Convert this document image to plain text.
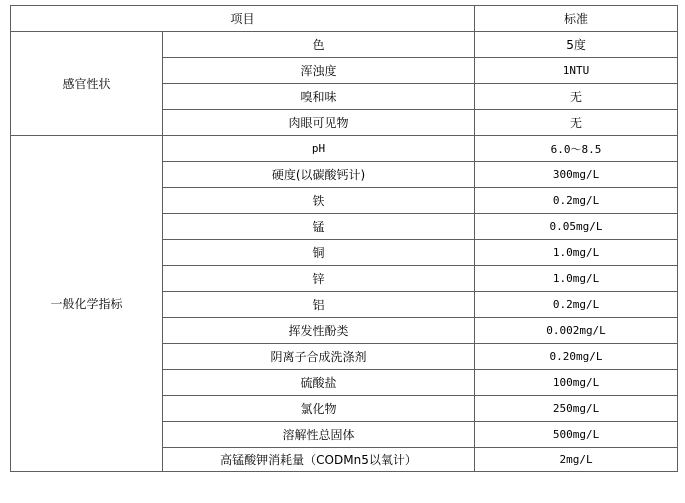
项目		标准
感官性状	色	5度
	浑浊度	1NTU
	嗅和味	无
	肉眼可见物	无
一般化学指标	pH	6.0～8.5
	硬度(以碳酸钙计)	300mg/L
	铁	0.2mg/L
	锰	0.05mg/L
	铜	1.0mg/L
	锌	1.0mg/L
	铝	0.2mg/L
	挥发性酚类	0.002mg/L
	阴离子合成洗涤剂	0.20mg/L
	硫酸盐	100mg/L
	氯化物	250mg/L
	溶解性总固体	500mg/L
	高锰酸钾消耗量（CODMn5以氧计）	2mg/L
